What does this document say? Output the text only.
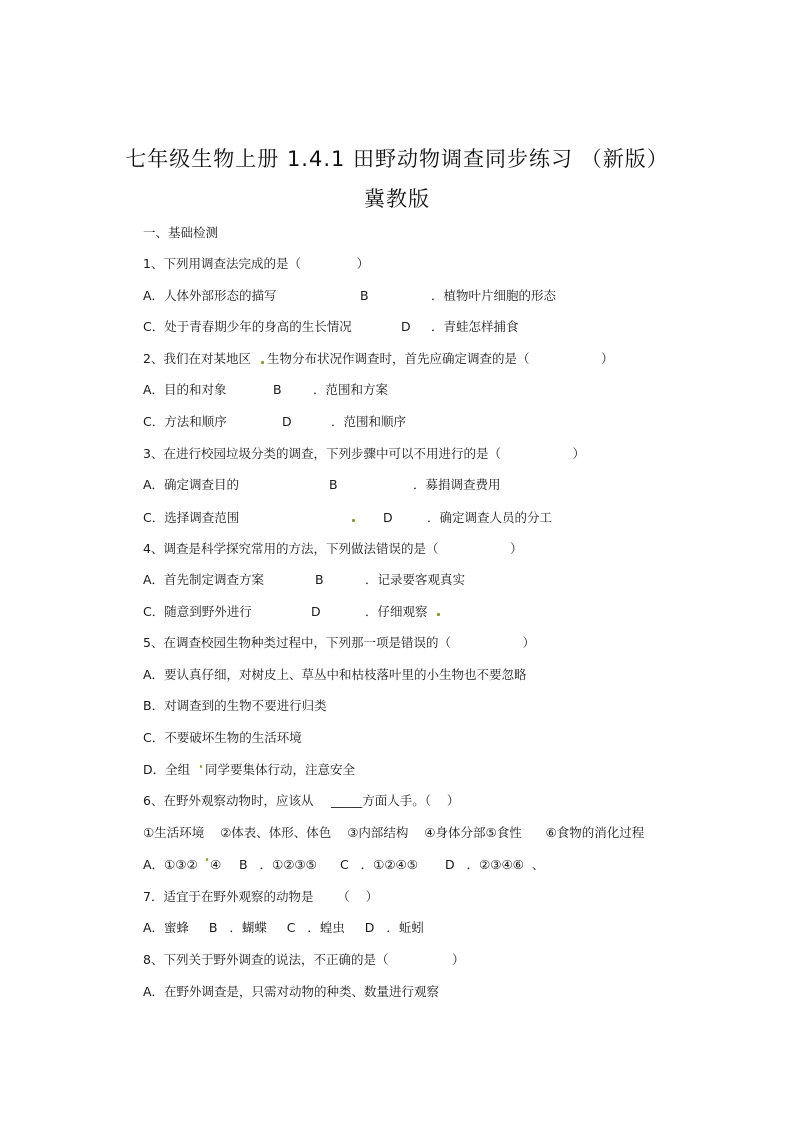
七年级生物上册 1.4.1 田野动物调查同步练习 （新版）
冀教版
一、基础检测
1、下列用调查法完成的是（              ）

A．人体外部形态的描写

	B

	．植物叶片细胞的形态

C．处于青春期少年的身高的生长情况

	D

．青蛙怎样捕食

2、我们在对某地区

生物分布状况作调查时，首先应确定调查的是（                  ）

A．目的和对象

	B

	．范围和方案

C．方法和顺序

	D

	．范围和顺序

3、在进行校园垃圾分类的调查，下列步骤中可以不用进行的是（                  ）

A．确定调查目的

	B

	．募捐调查费用

C．选择调查范围

	D

	．确定调查人员的分工

4、调查是科学探究常用的方法，下列做法错误的是（                  ）

A．首先制定调查方案

	B

	．记录要客观真实

C．随意到野外进行

	D

	．仔细观察

5、在调查校园生物种类过程中，下列那一项是错误的（                  ）
A．要认真仔细，对树皮上、草丛中和枯枝落叶里的小生物也不要忽略
B．对调查到的生物不要进行归类
C．不要破坏生物的生活环境

D．全组

同学要集体行动，注意安全

6、在野外观察动物时，应该从

_____方面人手。（    ）

①生活环境    ②体表、体形、体色    ③内部结构    ④身体分部⑤食性      ⑥食物的消化过程

A．①③②

④

B   ．①②③⑤

C   ．①②④⑤

D   ．②③④⑥  、

7．适宜于在野外观察的动物是      （    ）
A．蜜蜂     B   ．蝴蝶     C   ．蝗虫     D   ．蚯蚓
8、下列关于野外调查的说法，不正确的是（                ）
A．在野外调查是，只需对动物的种类、数量进行观察
